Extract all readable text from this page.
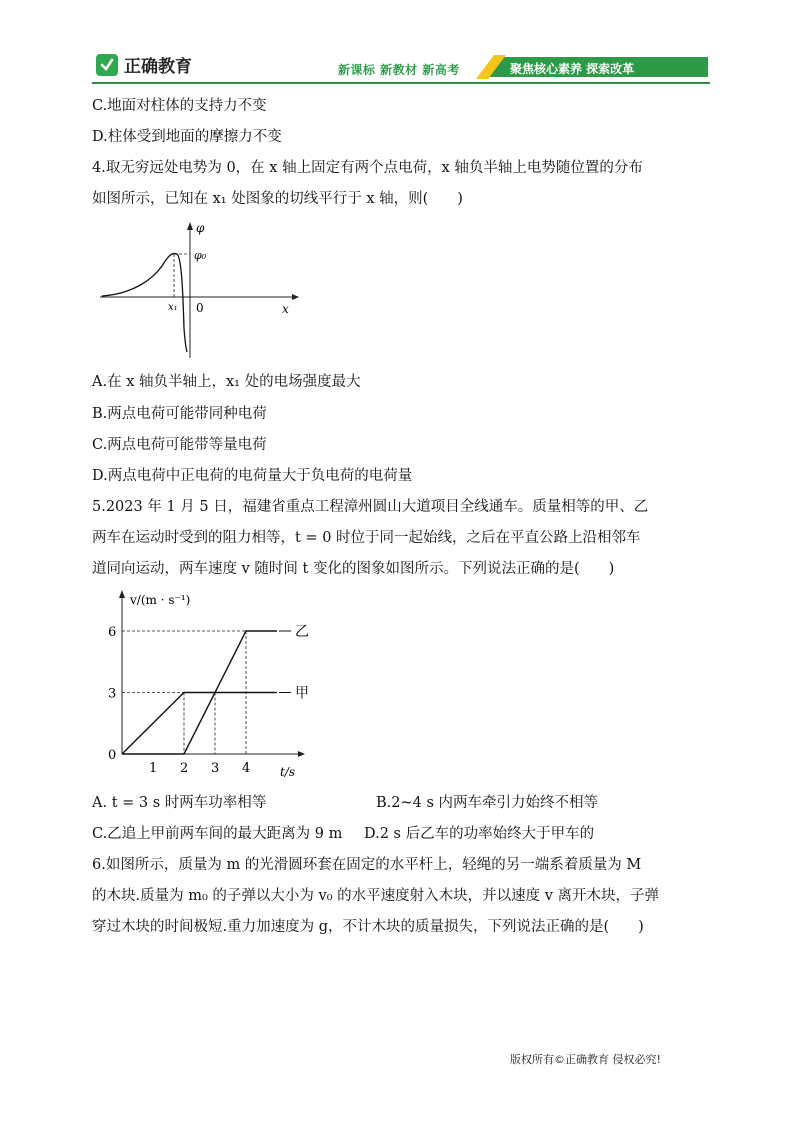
正确教育	新课标 新教材 新高考	聚焦核心素养 探索改革
C.地面对柱体的支持力不变
D.柱体受到地面的摩擦力不变
4.取无穷远处电势为 0，在 x 轴上固定有两个点电荷，x 轴负半轴上电势随位置的分布
如图所示，已知在 x₁ 处图象的切线平行于 x 轴，则(　　)
φ
φ₀
x₁ 0	x
A.在 x 轴负半轴上，x₁ 处的电场强度最大
B.两点电荷可能带同种电荷
C.两点电荷可能带等量电荷
D.两点电荷中正电荷的电荷量大于负电荷的电荷量
5.2023 年 1 月 5 日，福建省重点工程漳州圆山大道项目全线通车。质量相等的甲、乙
两车在运动时受到的阻力相等，t = 0 时位于同一起始线，之后在平直公路上沿相邻车
道同向运动，两车速度 v 随时间 t 变化的图象如图所示。下列说法正确的是(　　)
甲
乙
1 2 3 4
0
3
6
v/(m · s⁻¹)
t/s
A. t = 3 s 时两车功率相等	B.2~4 s 内两车牵引力始终不相等
C.乙追上甲前两车间的最大距离为 9 m D.2 s 后乙车的功率始终大于甲车的
6.如图所示，质量为 m 的光滑圆环套在固定的水平杆上，轻绳的另一端系着质量为 M
的木块.质量为 m₀ 的子弹以大小为 v₀ 的水平速度射入木块，并以速度 v 离开木块，子弹
穿过木块的时间极短.重力加速度为 g，不计木块的质量损失，下列说法正确的是(　　)
版权所有©正确教育 侵权必究!
